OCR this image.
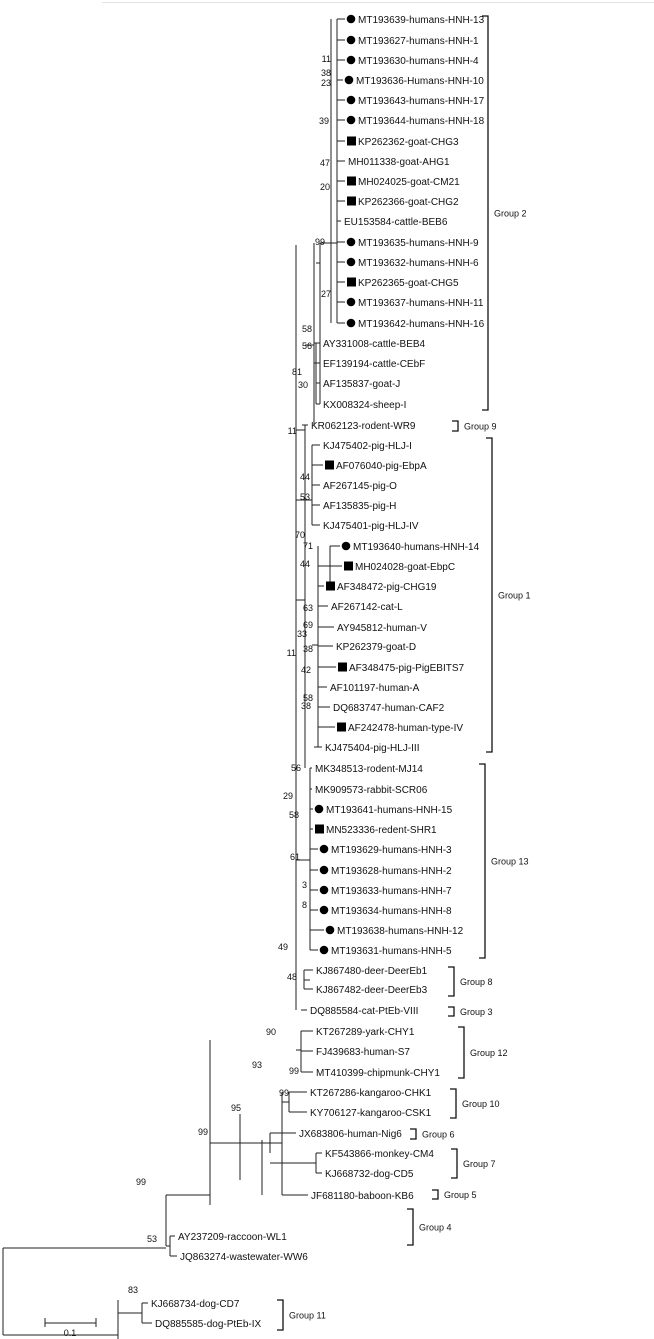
MT193639-humans-HNH-13
MT193627-humans-HNH-1
MT193630-humans-HNH-4
MT193636-Humans-HNH-10
MT193643-humans-HNH-17
MT193644-humans-HNH-18
KP262362-goat-CHG3
MH011338-goat-AHG1
MH024025-goat-CM21
KP262366-goat-CHG2
EU153584-cattle-BEB6
MT193635-humans-HNH-9
MT193632-humans-HNH-6
KP262365-goat-CHG5
MT193637-humans-HNH-11
MT193642-humans-HNH-16
AY331008-cattle-BEB4
EF139194-cattle-CEbF
AF135837-goat-J
KX008324-sheep-I
KR062123-rodent-WR9
KJ475402-pig-HLJ-I
AF076040-pig-EbpA
AF267145-pig-O
AF135835-pig-H
KJ475401-pig-HLJ-IV
MT193640-humans-HNH-14
MH024028-goat-EbpC
AF348472-pig-CHG19
AF267142-cat-L
AY945812-human-V
KP262379-goat-D
AF348475-pig-PigEBITS7
AF101197-human-A
DQ683747-human-CAF2
AF242478-human-type-IV
KJ475404-pig-HLJ-III
MK348513-rodent-MJ14
MK909573-rabbit-SCR06
MT193641-humans-HNH-15
MN523336-redent-SHR1
MT193629-humans-HNH-3
MT193628-humans-HNH-2
MT193633-humans-HNH-7
MT193634-humans-HNH-8
MT193638-humans-HNH-12
MT193631-humans-HNH-5
KJ867480-deer-DeerEb1
KJ867482-deer-DeerEb3
DQ885584-cat-PtEb-VIII
KT267289-yark-CHY1
FJ439683-human-S7
MT410399-chipmunk-CHY1
KT267286-kangaroo-CHK1
KY706127-kangaroo-CSK1
JX683806-human-Nig6
KF543866-monkey-CM4
KJ668732-dog-CD5
JF681180-baboon-KB6
AY237209-raccoon-WL1
JQ863274-wastewater-WW6
KJ668734-dog-CD7
DQ885585-dog-PtEb-IX
11
38
23
39
47
20
99
27
56
58
81
30
11
44
53
70
71
44
63
69
33
38
42
58
38
11
56
29
58
61
3
8
49
48
99
90
99
93
95
99
99
53
83
Group 2
Group 9
Group 1
Group 13
Group 8
Group 3
Group 12
Group 10
Group 6
Group 7
Group 5
Group 4
Group 11
0.1
